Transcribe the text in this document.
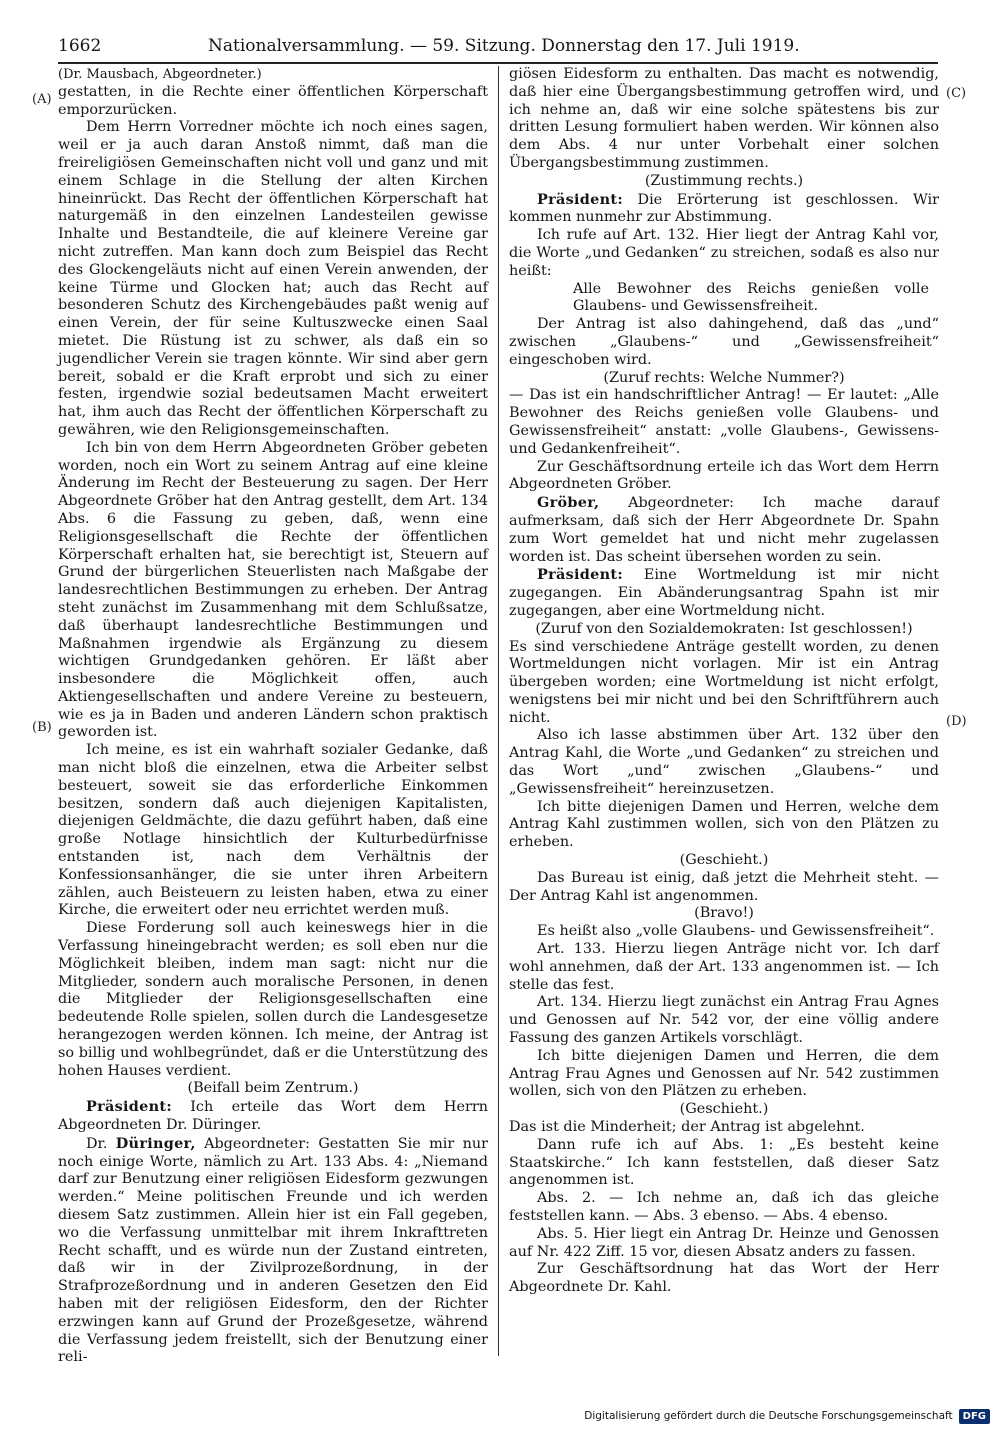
1662	Nationalversammlung. — 59. Sitzung. Donnerstag den 17. Juli 1919.
(A)
(B)
(C)
(D)

(Dr. Mausbach, Abgeordneter.)

gestatten, in die Rechte einer öffentlichen Körperschaft emporzurücken.

Dem Herrn Vorredner möchte ich noch eines sagen, weil er ja auch daran Anstoß nimmt, daß man die freireligiösen Gemeinschaften nicht voll und ganz und mit einem Schlage in die Stellung der alten Kirchen hineinrückt. Das Recht der öffentlichen Körperschaft hat naturgemäß in den einzelnen Landesteilen gewisse Inhalte und Bestandteile, die auf kleinere Vereine gar nicht zutreffen. Man kann doch zum Beispiel das Recht des Glockengeläuts nicht auf einen Verein anwenden, der keine Türme und Glocken hat; auch das Recht auf besonderen Schutz des Kirchengebäudes paßt wenig auf einen Verein, der für seine Kultuszwecke einen Saal mietet. Die Rüstung ist zu schwer, als daß ein so jugendlicher Verein sie tragen könnte. Wir sind aber gern bereit, sobald er die Kraft erprobt und sich zu einer festen, irgendwie sozial bedeutsamen Macht erweitert hat, ihm auch das Recht der öffentlichen Körperschaft zu gewähren, wie den Religionsgemeinschaften.

Ich bin von dem Herrn Abgeordneten Gröber gebeten worden, noch ein Wort zu seinem Antrag auf eine kleine Änderung im Recht der Besteuerung zu sagen. Der Herr Abgeordnete Gröber hat den Antrag gestellt, dem Art. 134 Abs. 6 die Fassung zu geben, daß, wenn eine Religionsgesellschaft die Rechte der öffentlichen Körperschaft erhalten hat, sie berechtigt ist, Steuern auf Grund der bürgerlichen Steuerlisten nach Maßgabe der landesrechtlichen Bestimmungen zu erheben. Der Antrag steht zunächst im Zusammenhang mit dem Schlußsatze, daß überhaupt landesrechtliche Bestimmungen und Maßnahmen irgendwie als Ergänzung zu diesem wichtigen Grundgedanken gehören. Er läßt aber insbesondere die Möglichkeit offen, auch Aktiengesellschaften und andere Vereine zu besteuern, wie es ja in Baden und anderen Ländern schon praktisch geworden ist.

Ich meine, es ist ein wahrhaft sozialer Gedanke, daß man nicht bloß die einzelnen, etwa die Arbeiter selbst besteuert, soweit sie das erforderliche Einkommen besitzen, sondern daß auch diejenigen Kapitalisten, diejenigen Geldmächte, die dazu geführt haben, daß eine große Notlage hinsichtlich der Kulturbedürfnisse entstanden ist, nach dem Verhältnis der Konfessionsanhänger, die sie unter ihren Arbeitern zählen, auch Beisteuern zu leisten haben, etwa zu einer Kirche, die erweitert oder neu errichtet werden muß.

Diese Forderung soll auch keineswegs hier in die Verfassung hineingebracht werden; es soll eben nur die Möglichkeit bleiben, indem man sagt: nicht nur die Mitglieder, sondern auch moralische Personen, in denen die Mitglieder der Religionsgesellschaften eine bedeutende Rolle spielen, sollen durch die Landesgesetze herangezogen werden können. Ich meine, der Antrag ist so billig und wohlbegründet, daß er die Unterstützung des hohen Hauses verdient.

(Beifall beim Zentrum.)

Präsident: Ich erteile das Wort dem Herrn Abgeordneten Dr. Düringer.

Dr. Düringer, Abgeordneter: Gestatten Sie mir nur noch einige Worte, nämlich zu Art. 133 Abs. 4: „Niemand darf zur Benutzung einer religiösen Eidesform gezwungen werden.“ Meine politischen Freunde und ich werden diesem Satz zustimmen. Allein hier ist ein Fall gegeben, wo die Verfassung unmittelbar mit ihrem Inkrafttreten Recht schafft, und es würde nun der Zustand eintreten, daß wir in der Zivilprozeßordnung, in der Strafprozeßordnung und in anderen Gesetzen den Eid haben mit der religiösen Eidesform, den der Richter erzwingen kann auf Grund der Prozeßgesetze, während die Verfassung jedem freistellt, sich der Benutzung einer reli-

giösen Eidesform zu enthalten. Das macht es notwendig, daß hier eine Übergangsbestimmung getroffen wird, und ich nehme an, daß wir eine solche spätestens bis zur dritten Lesung formuliert haben werden. Wir können also dem Abs. 4 nur unter Vorbehalt einer solchen Übergangsbestimmung zustimmen.

(Zustimmung rechts.)

Präsident: Die Erörterung ist geschlossen. Wir kommen nunmehr zur Abstimmung.

Ich rufe auf Art. 132. Hier liegt der Antrag Kahl vor, die Worte „und Gedanken“ zu streichen, sodaß es also nur heißt:

Alle Bewohner des Reichs genießen volle Glaubens- und Gewissensfreiheit.

Der Antrag ist also dahingehend, daß das „und“ zwischen „Glaubens-“ und „Gewissensfreiheit“ eingeschoben wird.

(Zuruf rechts: Welche Nummer?)

— Das ist ein handschriftlicher Antrag! — Er lautet: „Alle Bewohner des Reichs genießen volle Glaubens- und Gewissensfreiheit“ anstatt: „volle Glaubens-, Gewissens- und Gedankenfreiheit“.

Zur Geschäftsordnung erteile ich das Wort dem Herrn Abgeordneten Gröber.

Gröber, Abgeordneter: Ich mache darauf aufmerksam, daß sich der Herr Abgeordnete Dr. Spahn zum Wort gemeldet hat und nicht mehr zugelassen worden ist. Das scheint übersehen worden zu sein.

Präsident: Eine Wortmeldung ist mir nicht zugegangen. Ein Abänderungsantrag Spahn ist mir zugegangen, aber eine Wortmeldung nicht.

(Zuruf von den Sozialdemokraten: Ist geschlossen!)

Es sind verschiedene Anträge gestellt worden, zu denen Wortmeldungen nicht vorlagen. Mir ist ein Antrag übergeben worden; eine Wortmeldung ist nicht erfolgt, wenigstens bei mir nicht und bei den Schriftführern auch nicht.

Also ich lasse abstimmen über Art. 132 über den Antrag Kahl, die Worte „und Gedanken“ zu streichen und das Wort „und“ zwischen „Glaubens-“ und „Gewissensfreiheit“ hereinzusetzen.

Ich bitte diejenigen Damen und Herren, welche dem Antrag Kahl zustimmen wollen, sich von den Plätzen zu erheben.

(Geschieht.)

Das Bureau ist einig, daß jetzt die Mehrheit steht. — Der Antrag Kahl ist angenommen.

(Bravo!)

Es heißt also „volle Glaubens- und Gewissensfreiheit“.

Art. 133. Hierzu liegen Anträge nicht vor. Ich darf wohl annehmen, daß der Art. 133 angenommen ist. — Ich stelle das fest.

Art. 134. Hierzu liegt zunächst ein Antrag Frau Agnes und Genossen auf Nr. 542 vor, der eine völlig andere Fassung des ganzen Artikels vorschlägt.

Ich bitte diejenigen Damen und Herren, die dem Antrag Frau Agnes und Genossen auf Nr. 542 zustimmen wollen, sich von den Plätzen zu erheben.

(Geschieht.)

Das ist die Minderheit; der Antrag ist abgelehnt.

Dann rufe ich auf Abs. 1: „Es besteht keine Staatskirche.“ Ich kann feststellen, daß dieser Satz angenommen ist.

Abs. 2. — Ich nehme an, daß ich das gleiche feststellen kann. — Abs. 3 ebenso. — Abs. 4 ebenso.

Abs. 5. Hier liegt ein Antrag Dr. Heinze und Genossen auf Nr. 422 Ziff. 15 vor, diesen Absatz anders zu fassen.

Zur Geschäftsordnung hat das Wort der Herr Abgeordnete Dr. Kahl.

Digitalisierung gefördert durch die Deutsche Forschungsgemeinschaft	DFG
